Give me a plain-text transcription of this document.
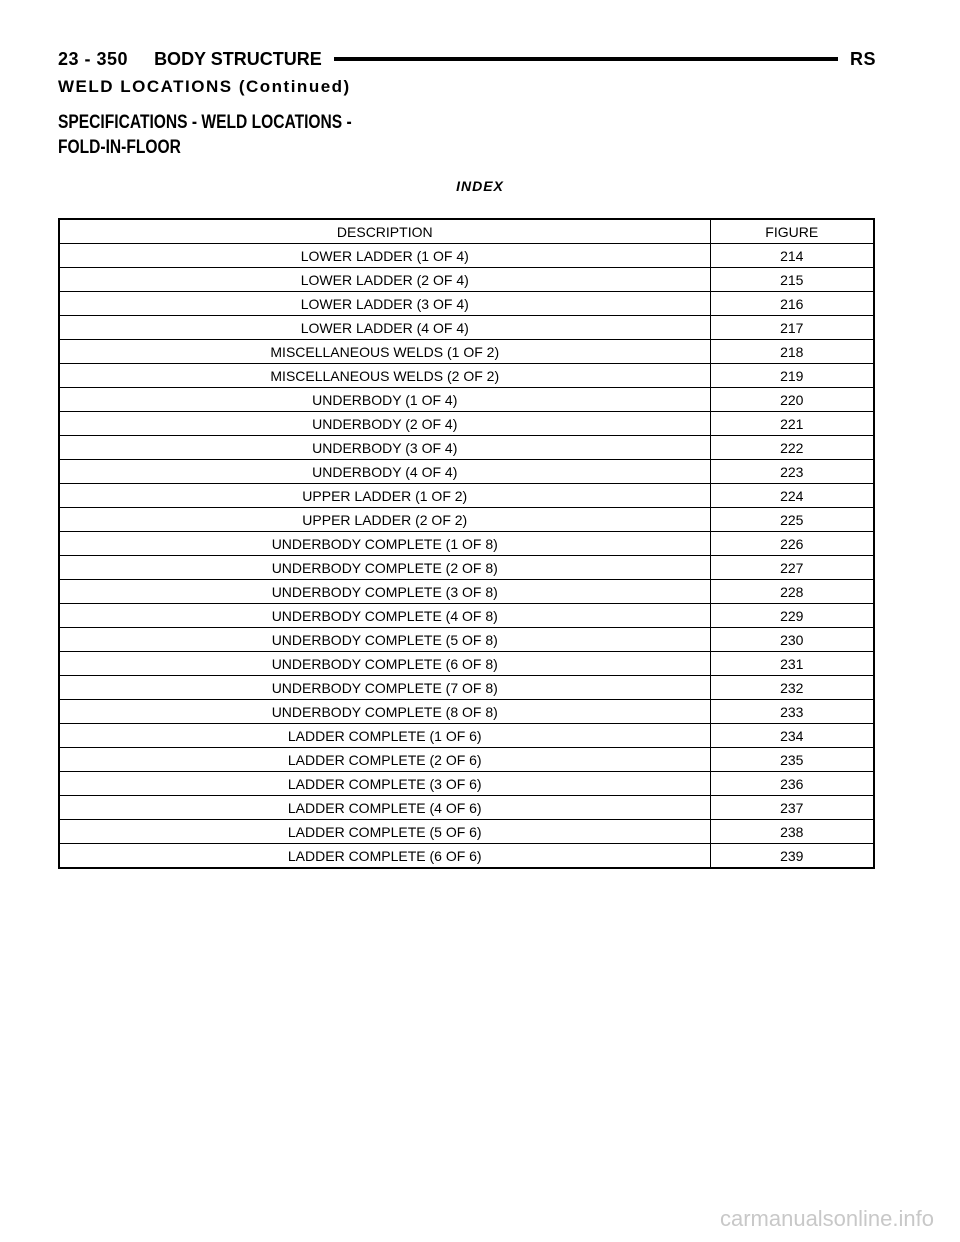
23 - 350 BODY STRUCTURE	RS
WELD LOCATIONS (Continued)
SPECIFICATIONS - WELD LOCATIONS -
FOLD-IN-FLOOR
INDEX
DESCRIPTION	FIGURE
LOWER LADDER (1 OF 4)	214
LOWER LADDER (2 OF 4)	215
LOWER LADDER (3 OF 4)	216
LOWER LADDER (4 OF 4)	217
MISCELLANEOUS WELDS (1 OF 2)	218
MISCELLANEOUS WELDS (2 OF 2)	219
UNDERBODY (1 OF 4)	220
UNDERBODY (2 OF 4)	221
UNDERBODY (3 OF 4)	222
UNDERBODY (4 OF 4)	223
UPPER LADDER (1 OF 2)	224
UPPER LADDER (2 OF 2)	225
UNDERBODY COMPLETE (1 OF 8)	226
UNDERBODY COMPLETE (2 OF 8)	227
UNDERBODY COMPLETE (3 OF 8)	228
UNDERBODY COMPLETE (4 OF 8)	229
UNDERBODY COMPLETE (5 OF 8)	230
UNDERBODY COMPLETE (6 OF 8)	231
UNDERBODY COMPLETE (7 OF 8)	232
UNDERBODY COMPLETE (8 OF 8)	233
LADDER COMPLETE (1 OF 6)	234
LADDER COMPLETE (2 OF 6)	235
LADDER COMPLETE (3 OF 6)	236
LADDER COMPLETE (4 OF 6)	237
LADDER COMPLETE (5 OF 6)	238
LADDER COMPLETE (6 OF 6)	239
carmanualsonline.info
